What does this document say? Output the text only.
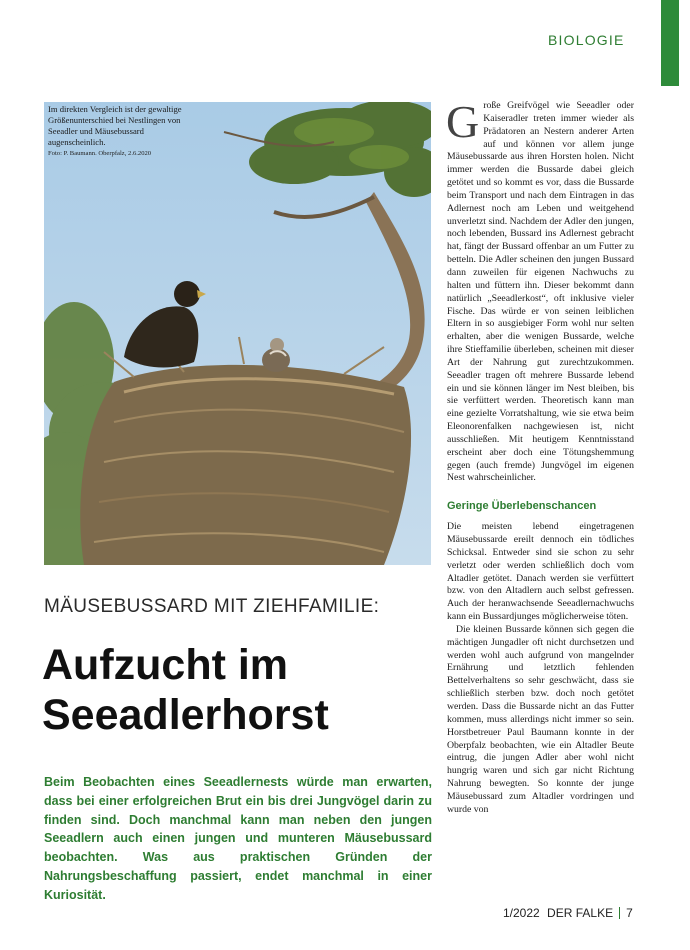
BIOLOGIE
Im direkten Vergleich ist der gewaltige Größenunterschied bei Nestlingen von Seeadler und Mäusebussard augenscheinlich.
Foto: P. Baumann. Oberpfalz, 2.6.2020

Große Greifvögel wie Seeadler oder Kaiseradler treten immer wieder als Prädatoren an Nestern anderer Arten auf und können vor allem junge Mäusebussarde aus ihren Horsten holen. Nicht immer werden die Bussarde dabei gleich getötet und so kommt es vor, dass die Bussarde beim Transport und nach dem Eintragen in das Adlernest noch am Leben und weitgehend unverletzt sind. Nachdem der Adler den jungen, noch lebenden, Bussard ins Adlernest gebracht hat, fängt der Bussard offenbar an um Futter zu betteln. Die Adler scheinen den jungen Bussard dann zuweilen für eigenen Nachwuchs zu halten und füttern ihn. Dieser bekommt dann natürlich „Seeadlerkost“, oft inklusive vieler Fische. Das würde er von seinen leiblichen Eltern in so ausgiebiger Form wohl nur selten erhalten, aber die wenigen Bussarde, welche ihre Stieffamilie überleben, scheinen mit dieser Art der Nahrung gut zurechtzukommen. Seeadler tragen oft mehrere Bussarde lebend ein und sie können länger im Nest bleiben, bis sie verfüttert werden. Theoretisch kann man eine gezielte Vorratshaltung, wie sie etwa beim Eleonorenfalken nachgewiesen ist, nicht ausschließen. Mit heutigem Kenntnisstand erscheint aber doch eine Tötungshemmung gegen (auch fremde) Jungvögel im eigenen Nest wahrscheinlicher.

Geringe Überlebenschancen

Die meisten lebend eingetragenen Mäusebussarde ereilt dennoch ein tödliches Schicksal. Entweder sind sie schon zu sehr verletzt oder werden schließlich doch vom Altadler getötet. Danach werden sie verfüttert bzw. von den Altadlern auch selbst gefressen. Auch der heranwachsende Seeadlernachwuchs kann ein Bussardjunges möglicherweise töten.

Die kleinen Bussarde können sich gegen die mächtigen Jungadler oft nicht durchsetzen und werden wohl auch aufgrund von mangelnder Ernährung und letztlich fehlenden Bettelverhaltens so sehr geschwächt, dass sie schließlich sterben bzw. doch noch getötet werden. Dass die Bussarde nicht an das Futter kommen, muss allerdings nicht immer so sein. Horstbetreuer Paul Baumann konnte in der Oberpfalz beobachten, wie ein Altadler Beute eintrug, die jungen Adler aber wohl nicht hungrig waren und sich gar nicht Richtung Nahrung bewegten. So konnte der junge Mäusebussard zum Altadler vordringen und wurde von

MÄUSEBUSSARD MIT ZIEHFAMILIE:
Aufzucht im
Seeadlerhorst
Beim Beobachten eines Seeadlernests würde man erwarten, dass bei einer erfolgreichen Brut ein bis drei Jungvögel darin zu finden sind. Doch manchmal kann man neben den jungen Seeadlern auch einen jungen und munteren Mäusebussard beobachten. Was aus praktischen Gründen der Nahrungsbeschaffung passiert, endet manchmal in einer Kuriosität.
1/2022 DER FALKE 7
